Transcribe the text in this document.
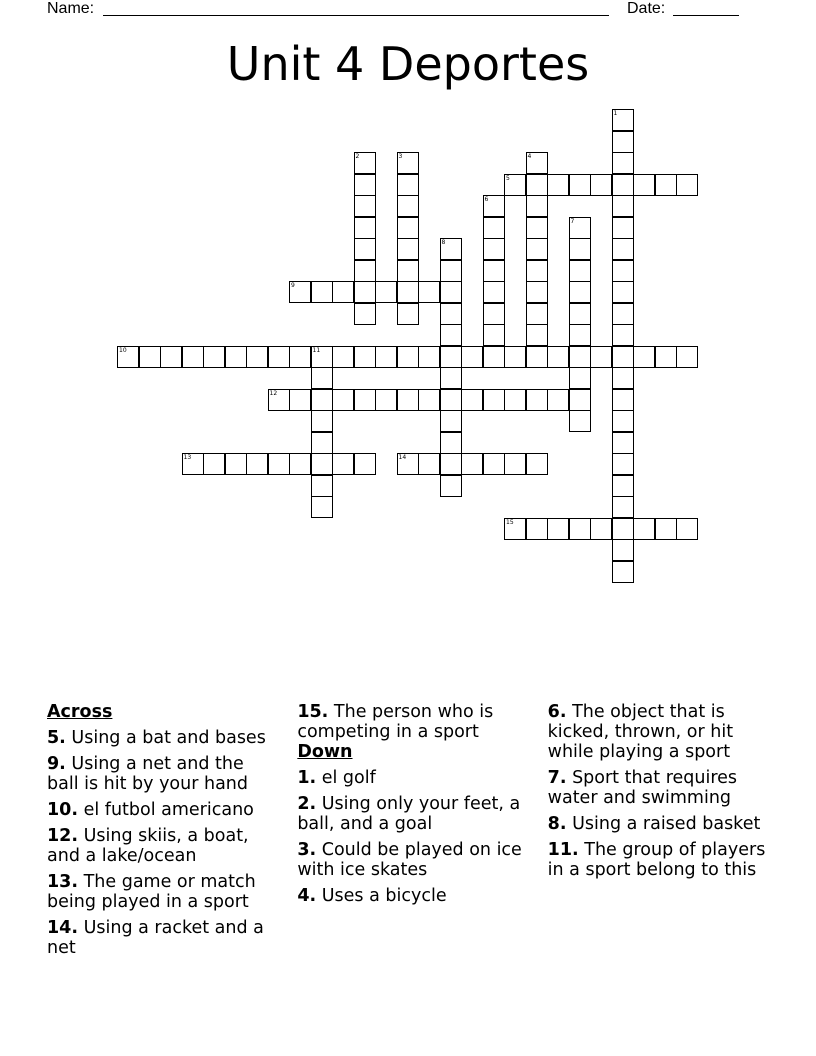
Name:	Date:
Unit 4 Deportes
1
2	3	4
5
6
7
8
9
10	11
12
13	14
15
Across
5. Using a bat and bases
9. Using a net and the ball is hit by your hand
10. el futbol americano
12. Using skiis, a boat, and a lake/ocean
13. The game or match being played in a sport
14. Using a racket and a net
15. The person who is competing in a sport
Down
1. el golf
2. Using only your feet, a ball, and a goal
3. Could be played on ice with ice skates
4. Uses a bicycle
6. The object that is kicked, thrown, or hit while playing a sport
7. Sport that requires water and swimming
8. Using a raised basket
11. The group of players in a sport belong to this
